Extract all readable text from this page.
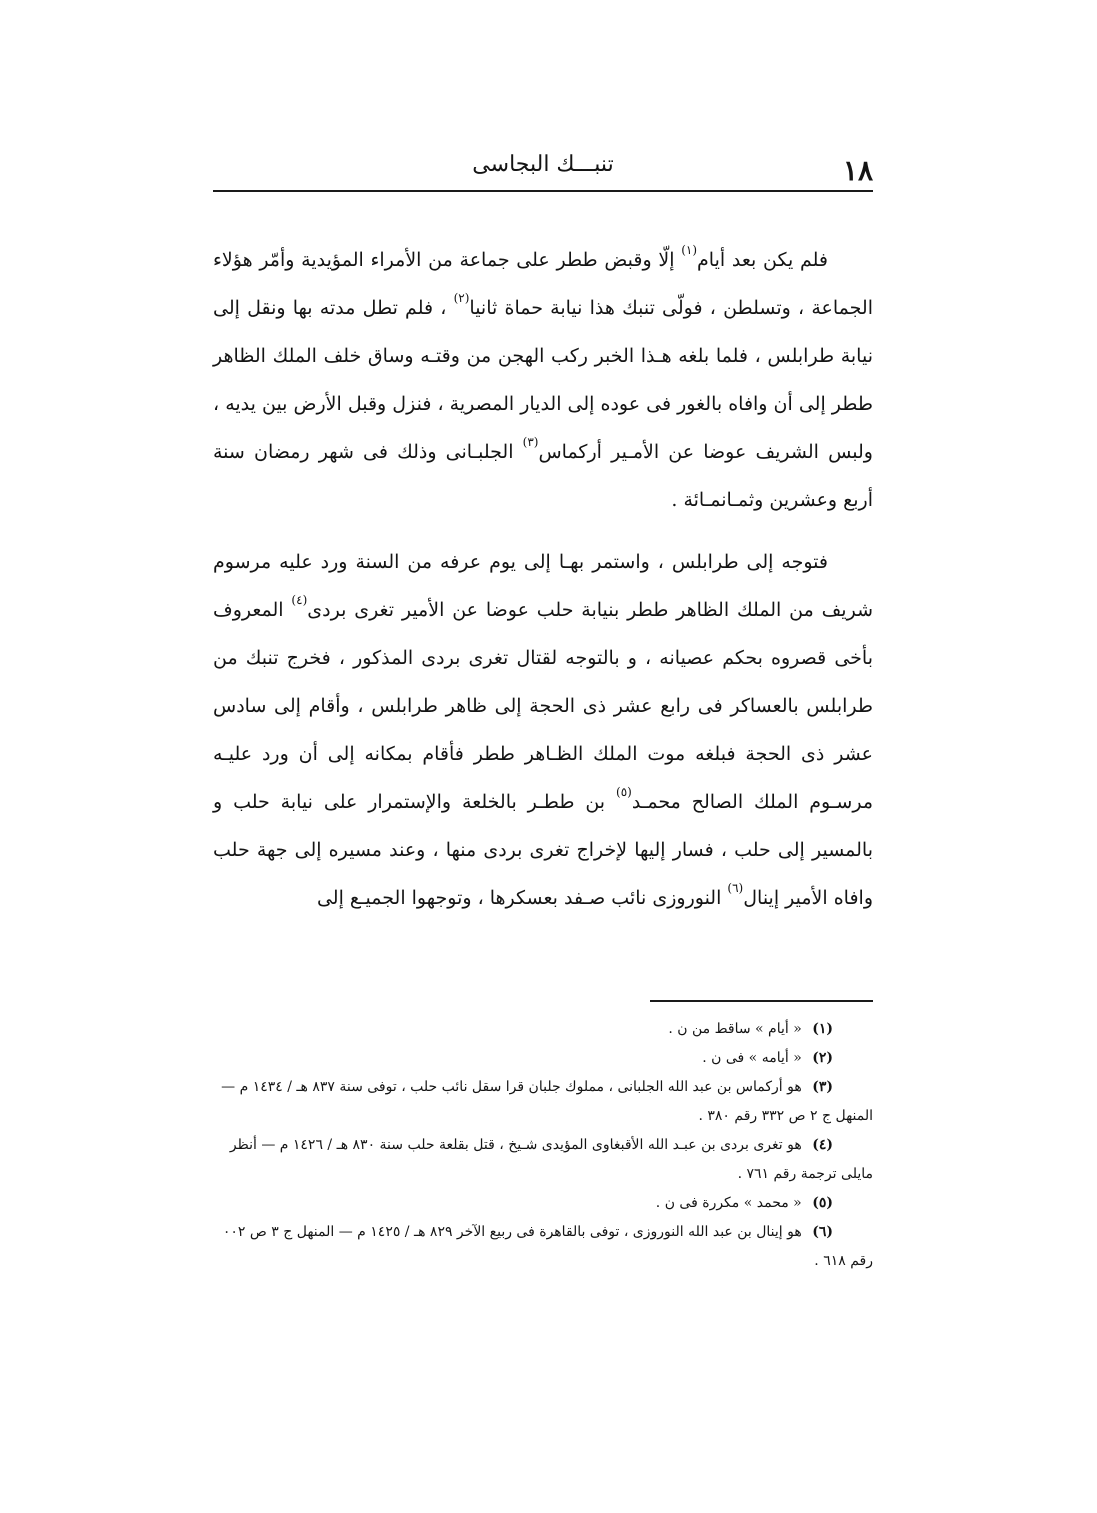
١٨
تنبـــك البجاسى

فلم يكن بعد أيام$^{(١)}$ إلّا وقبض ططر على جماعة من الأمراء المؤيدية وأمّر هؤلاء الجماعة ، وتسلطن ، فولّى تنبك هذا نيابة حماة ثانيا$^{(٢)}$ ، فلم تطل مدته بها ونقل إلى نيابة طرابلس ، فلما بلغه هـذا الخبر ركب الهجن من وقتـه وساق خلف الملك الظاهر ططر إلى أن وافاه بالغور فى عوده إلى الديار المصرية ، فنزل وقبل الأرض بين يديه ، ولبس الشريف عوضا عن الأمـير أركماس$^{(٣)}$ الجلبـانى وذلك فى شهر رمضان سنة أربع وعشرين وثمـانمـائة .

فتوجه إلى طرابلس ، واستمر بهـا إلى يوم عرفه من السنة ورد عليه مرسوم شريف من الملك الظاهر ططر بنيابة حلب عوضا عن الأمير تغرى بردى$^{(٤)}$ المعروف بأخى قصروه بحكم عصيانه ، و بالتوجه لقتال تغرى بردى المذكور ، فخرج تنبك من طرابلس بالعساكر فى رابع عشر ذى الحجة إلى ظاهر طرابلس ، وأقام إلى سادس عشر ذى الحجة فبلغه موت الملك الظـاهر ططر فأقام بمكانه إلى أن ورد عليـه مرسـوم الملك الصالح محمـد$^{(٥)}$ بن ططـر بالخلعة والإستمرار على نيابة حلب و بالمسير إلى حلب ، فسار إليها لإخراج تغرى بردى منها ، وعند مسيره إلى جهة حلب وافاه الأمير إينال$^{(٦)}$ النوروزى نائب صـفد بعسكرها ، وتوجهوا الجميـع إلى

(١) « أيام » ساقط من ن .
(٢) « أيامه » فى ن .
(٣) هو أركماس بن عبد الله الجلبانى ، مملوك جلبان قرا سقل نائب حلب ، توفى سنة ٨٣٧ هـ / ١٤٣٤ م — المنهل ج ٢ ص ٣٣٢ رقم ٣٨٠ .
(٤) هو تغرى بردى بن عبـد الله الأقبغاوى المؤيدى شـيخ ، قتل بقلعة حلب سنة ٨٣٠ هـ / ١٤٢٦ م — أنظر مايلى ترجمة رقم ٧٦١ .
(٥) « محمد » مكررة فى ن .
(٦) هو إينال بن عبد الله النوروزى ، توفى بالقاهرة فى ربيع الآخر ٨٢٩ هـ / ١٤٢٥ م — المنهل ج ٣ ص ٠٠٢ رقم ٦١٨ .
